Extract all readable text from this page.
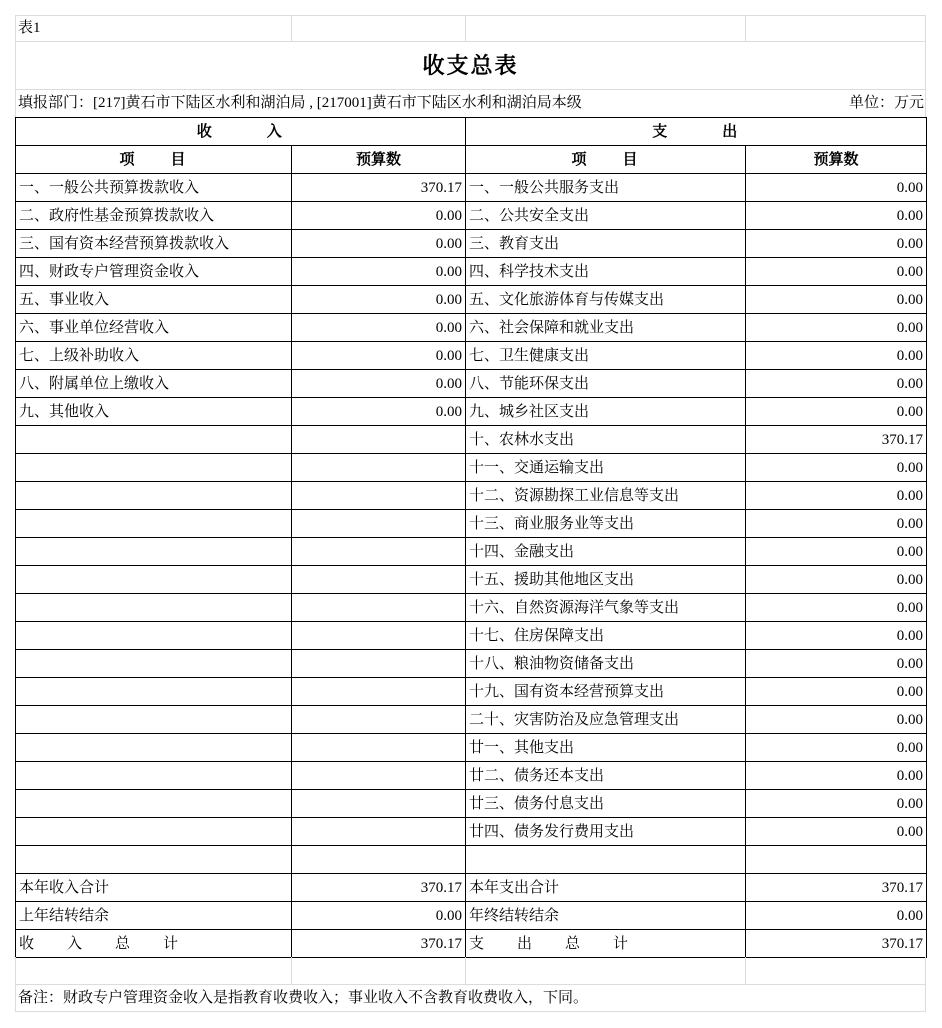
表1
收支总表
填报部门：[217]黄石市下陆区水利和湖泊局 , [217001]黄石市下陆区水利和湖泊局本级	单位：万元
收　　　入		支　　　出	
项　　目	预算数	项　　目	预算数
一、一般公共预算拨款收入	370.17	一、一般公共服务支出	0.00
二、政府性基金预算拨款收入	0.00	二、公共安全支出	0.00
三、国有资本经营预算拨款收入	0.00	三、教育支出	0.00
四、财政专户管理资金收入	0.00	四、科学技术支出	0.00
五、事业收入	0.00	五、文化旅游体育与传媒支出	0.00
六、事业单位经营收入	0.00	六、社会保障和就业支出	0.00
七、上级补助收入	0.00	七、卫生健康支出	0.00
八、附属单位上缴收入	0.00	八、节能环保支出	0.00
九、其他收入	0.00	九、城乡社区支出	0.00
		十、农林水支出	370.17
		十一、交通运输支出	0.00
		十二、资源勘探工业信息等支出	0.00
		十三、商业服务业等支出	0.00
		十四、金融支出	0.00
		十五、援助其他地区支出	0.00
		十六、自然资源海洋气象等支出	0.00
		十七、住房保障支出	0.00
		十八、粮油物资储备支出	0.00
		十九、国有资本经营预算支出	0.00
		二十、灾害防治及应急管理支出	0.00
		廿一、其他支出	0.00
		廿二、债务还本支出	0.00
		廿三、债务付息支出	0.00
		廿四、债务发行费用支出	0.00

本年收入合计	370.17	本年支出合计	370.17
上年结转结余	0.00	年终结转结余	0.00
收　　入　　总　　计	370.17	支　　出　　总　　计	370.17
备注：财政专户管理资金收入是指教育收费收入；事业收入不含教育收费收入，下同。
